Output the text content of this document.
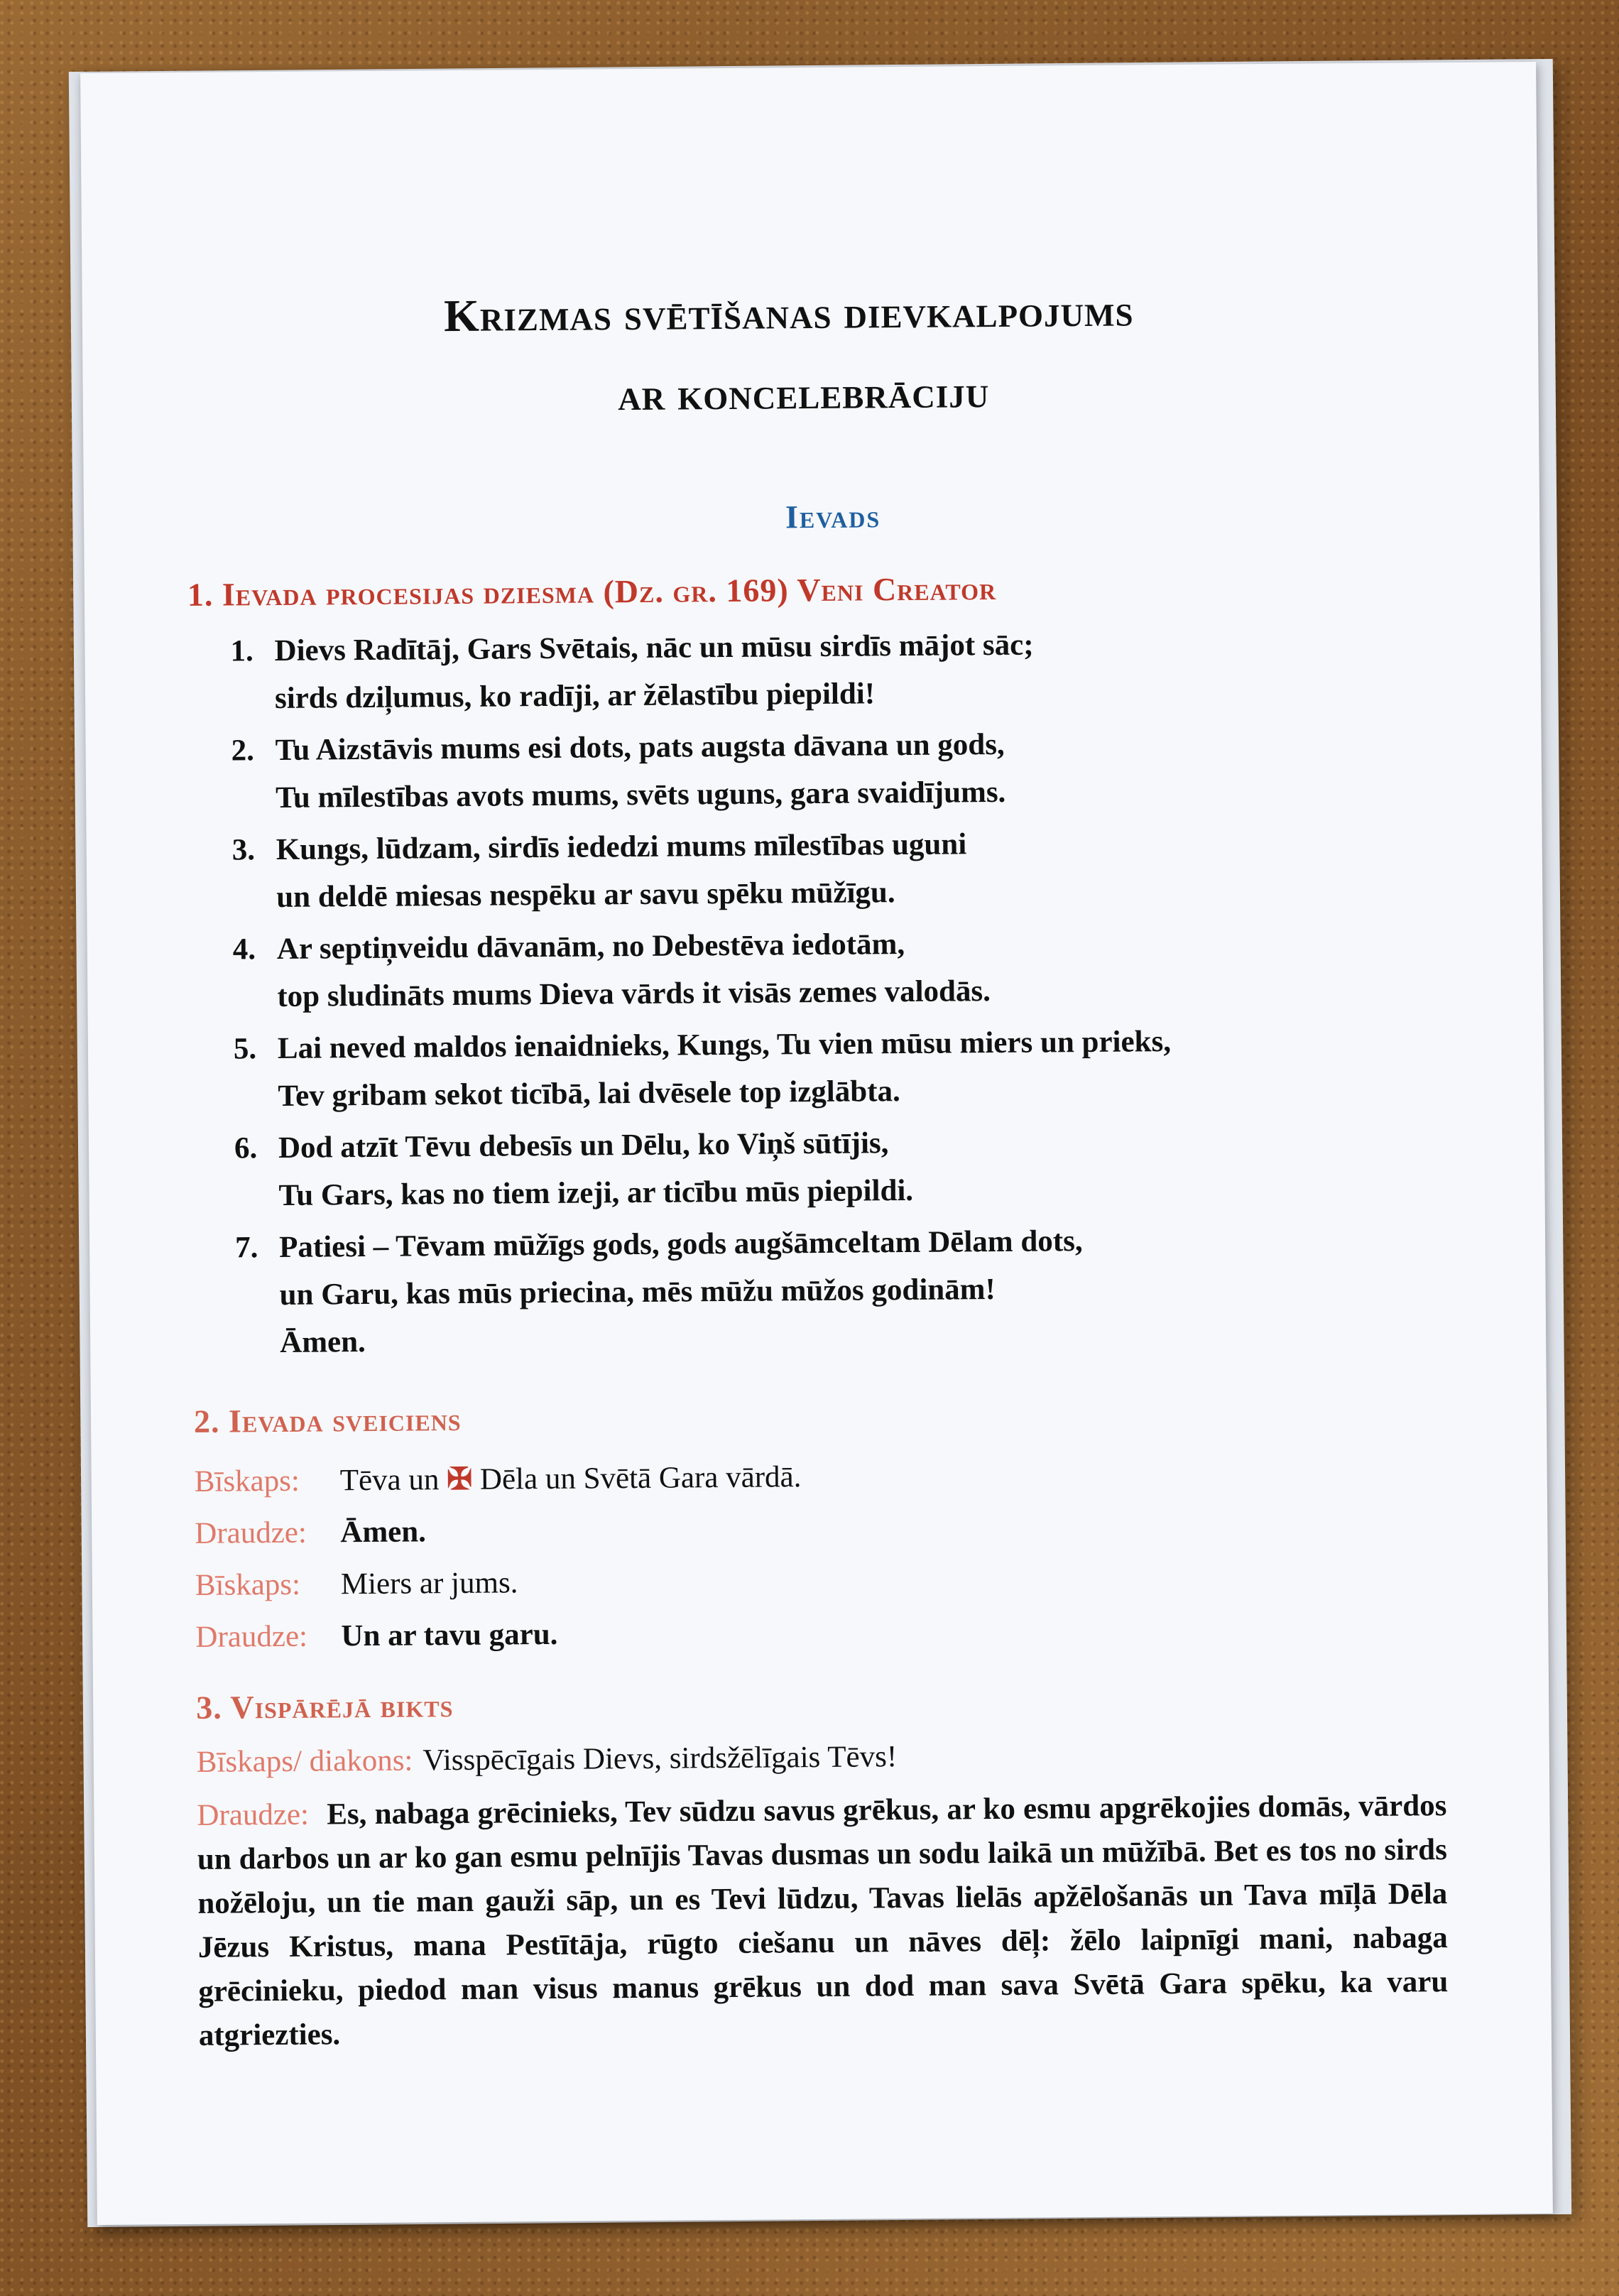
Krizmas svētīšanas dievkalpojums
ar koncelebrāciju
Ievads
1. Ievada procesijas dziesma (Dz. gr. 169) Veni Creator
1. Dievs Radītāj, Gars Svētais, nāc un mūsu sirdīs mājot sāc;
sirds dziļumus, ko radīji, ar žēlastību piepildi!
2. Tu Aizstāvis mums esi dots, pats augsta dāvana un gods,
Tu mīlestības avots mums, svēts uguns, gara svaidījums.
3. Kungs, lūdzam, sirdīs iededzi mums mīlestības uguni
un deldē miesas nespēku ar savu spēku mūžīgu.
4. Ar septiņveidu dāvanām, no Debestēva iedotām,
top sludināts mums Dieva vārds it visās zemes valodās.
5. Lai neved maldos ienaidnieks, Kungs, Tu vien mūsu miers un prieks,
Tev gribam sekot ticībā, lai dvēsele top izglābta.
6. Dod atzīt Tēvu debesīs un Dēlu, ko Viņš sūtījis,
Tu Gars, kas no tiem izeji, ar ticību mūs piepildi.
7. Patiesi – Tēvam mūžīgs gods, gods augšāmceltam Dēlam dots,
un Garu, kas mūs priecina, mēs mūžu mūžos godinām!
Āmen.
2. Ievada sveiciens
Bīskaps:	Tēva un ✠ Dēla un Svētā Gara vārdā.
Draudze:	Āmen.
Bīskaps:	Miers ar jums.
Draudze:	Un ar tavu garu.
3. Vispārējā bikts
Bīskaps/ diakons: Visspēcīgais Dievs, sirdsžēlīgais Tēvs!
Draudze: Es, nabaga grēcinieks, Tev sūdzu savus grēkus, ar ko esmu apgrēkojies domās, vārdos un darbos un ar ko gan esmu pelnījis Tavas dusmas un sodu laikā un mūžībā. Bet es tos no sirds nožēloju, un tie man gauži sāp, un es Tevi lūdzu, Tavas lielās apžēlošanās un Tava mīļā Dēla Jēzus Kristus, mana Pestītāja, rūgto ciešanu un nāves dēļ: žēlo laipnīgi mani, nabaga grēcinieku, piedod man visus manus grēkus un dod man sava Svētā Gara spēku, ka varu atgriezties.
